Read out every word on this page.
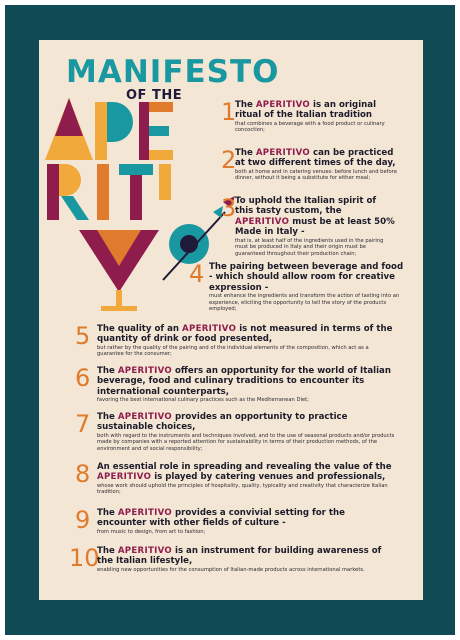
MANIFESTO
OF THE
1
The APERITIVO is an original ritual of the Italian tradition
that combines a beverage with a food product or culinary concoction;
2
The APERITIVO can be practiced at two different times of the day,
both at home and in catering venues: before lunch and before dinner, without it being a substitute for either meal;
3
To uphold the Italian spirit of this tasty custom, the APERITIVO must be at least 50% Made in Italy -
that is, at least half of the ingredients used in the pairing must be produced in Italy and their origin must be guaranteed throughout their production chain;
4 The pairing between beverage and food - which should allow room for creative expression -
must enhance the ingredients and transform the action of tasting into an experience, eliciting the opportunity to tell the story of the products employed;
5 The quality of an APERITIVO is not measured in terms of the quantity of drink or food presented,
but rather by the quality of the pairing and of the individual elements of the composition, which act as a guarantee for the consumer;
6 The APERITIVO offers an opportunity for the world of Italian beverage, food and culinary traditions to encounter its international counterparts,
favoring the best international culinary practices such as the Mediterranean Diet;
7 The APERITIVO provides an opportunity to practice sustainable choices,
both with regard to the instruments and techniques involved, and to the use of seasonal products and/or products made by companies with a reported attention for sustainability in terms of their production methods, of the environment and of social responsibility;
8 An essential role in spreading and revealing the value of the APERITIVO is played by catering venues and professionals,
whose work should uphold the principles of hospitality, quality, typicality and creativity that characterize Italian tradition;
9 The APERITIVO provides a convivial setting for the encounter with other fields of culture -
from music to design, from art to fashion;
10
The APERITIVO is an instrument for building awareness of the Italian lifestyle,
enabling new opportunities for the consumption of Italian-made products across international markets.
